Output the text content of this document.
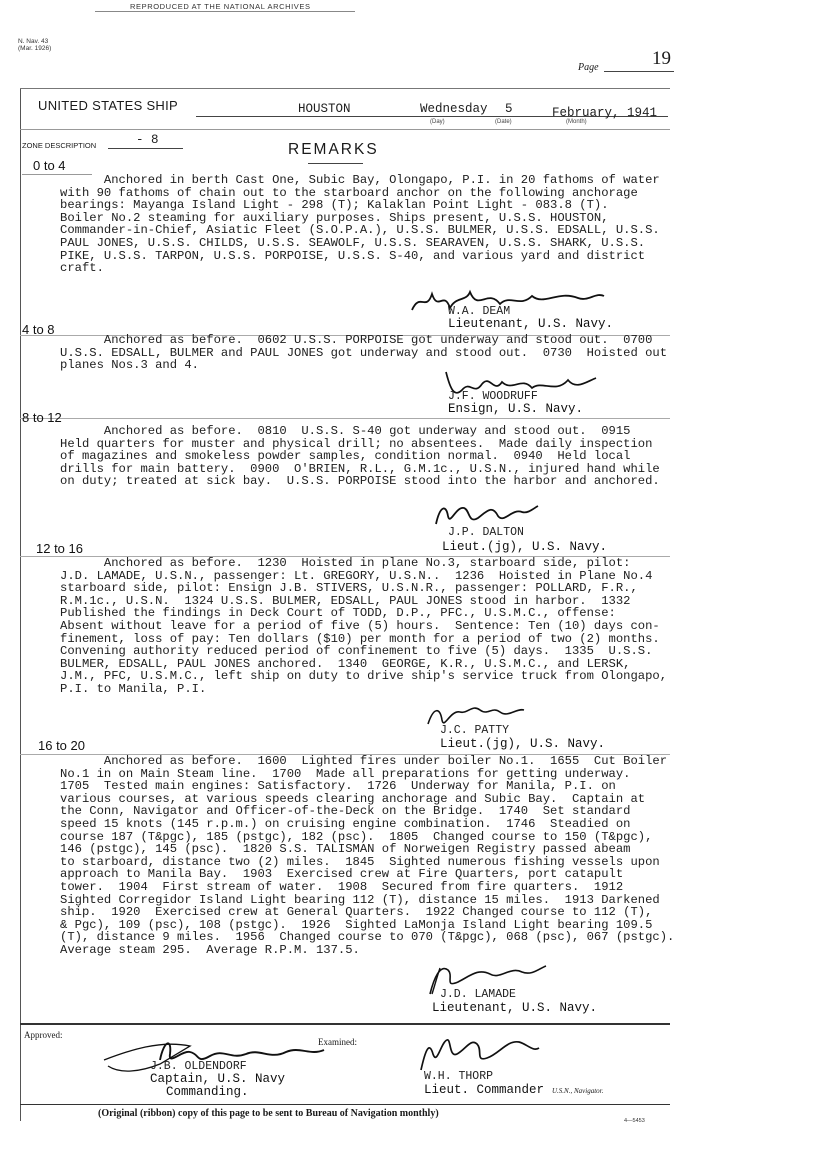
REPRODUCED AT THE NATIONAL ARCHIVES
N. Nav. 43
(Mar. 1926)
Page	19
UNITED STATES SHIP	HOUSTON	Wednesday
(Day)
5
(Date)
February, 1941
(Month)
ZONE DESCRIPTION	- 8
REMARKS
0 to 4
Anchored in berth Cast One, Subic Bay, Olongapo, P.I. in 20 fathoms of water
with 90 fathoms of chain out to the starboard anchor on the following anchorage
bearings: Mayanga Island Light - 298 (T); Kalaklan Point Light - 083.8 (T).
Boiler No.2 steaming for auxiliary purposes. Ships present, U.S.S. HOUSTON,
Commander-in-Chief, Asiatic Fleet (S.O.P.A.), U.S.S. BULMER, U.S.S. EDSALL, U.S.S.
PAUL JONES, U.S.S. CHILDS, U.S.S. SEAWOLF, U.S.S. SEARAVEN, U.S.S. SHARK, U.S.S.
PIKE, U.S.S. TARPON, U.S.S. PORPOISE, U.S.S. S-40, and various yard and district
craft.
W.A. DEAM
Lieutenant, U.S. Navy.
4 to 8
Anchored as before.  0602 U.S.S. PORPOISE got underway and stood out.  0700
U.S.S. EDSALL, BULMER and PAUL JONES got underway and stood out.  0730  Hoisted out
planes Nos.3 and 4.
J.F. WOODRUFF
Ensign, U.S. Navy.
8 to 12
Anchored as before.  0810  U.S.S. S-40 got underway and stood out.  0915
Held quarters for muster and physical drill; no absentees.  Made daily inspection
of magazines and smokeless powder samples, condition normal.  0940  Held local
drills for main battery.  0900  O'BRIEN, R.L., G.M.1c., U.S.N., injured hand while
on duty; treated at sick bay.  U.S.S. PORPOISE stood into the harbor and anchored.
J.P. DALTON
Lieut.(jg), U.S. Navy.
12 to 16
Anchored as before.  1230  Hoisted in plane No.3, starboard side, pilot:
J.D. LAMADE, U.S.N., passenger: Lt. GREGORY, U.S.N..  1236  Hoisted in Plane No.4
starboard side, pilot: Ensign J.B. STIVERS, U.S.N.R., passenger: POLLARD, F.R.,
R.M.1c., U.S.N.  1324 U.S.S. BULMER, EDSALL, PAUL JONES stood in harbor.  1332
Published the findings in Deck Court of TODD, D.P., PFC., U.S.M.C., offense:
Absent without leave for a period of five (5) hours.  Sentence: Ten (10) days con-
finement, loss of pay: Ten dollars ($10) per month for a period of two (2) months.
Convening authority reduced period of confinement to five (5) days.  1335  U.S.S.
BULMER, EDSALL, PAUL JONES anchored.  1340  GEORGE, K.R., U.S.M.C., and LERSK,
J.M., PFC, U.S.M.C., left ship on duty to drive ship's service truck from Olongapo,
P.I. to Manila, P.I.
J.C. PATTY
Lieut.(jg), U.S. Navy.
16 to 20
Anchored as before.  1600  Lighted fires under boiler No.1.  1655  Cut Boiler
No.1 in on Main Steam line.  1700  Made all preparations for getting underway.
1705  Tested main engines: Satisfactory.  1726  Underway for Manila, P.I. on
various courses, at various speeds clearing anchorage and Subic Bay.  Captain at
the Conn, Navigator and Officer-of-the-Deck on the Bridge.  1740  Set standard
speed 15 knots (145 r.p.m.) on cruising engine combination.  1746  Steadied on
course 187 (T&pgc), 185 (pstgc), 182 (psc).  1805  Changed course to 150 (T&pgc),
146 (pstgc), 145 (psc).  1820 S.S. TALISMAN of Norweigen Registry passed abeam
to starboard, distance two (2) miles.  1845  Sighted numerous fishing vessels upon
approach to Manila Bay.  1903  Exercised crew at Fire Quarters, port catapult
tower.  1904  First stream of water.  1908  Secured from fire quarters.  1912
Sighted Corregidor Island Light bearing 112 (T), distance 15 miles.  1913 Darkened
ship.  1920  Exercised crew at General Quarters.  1922 Changed course to 112 (T),
& Pgc), 109 (psc), 108 (pstgc).  1926  Sighted LaMonja Island Light bearing 109.5
(T), distance 9 miles.  1956  Changed course to 070 (T&pgc), 068 (psc), 067 (pstgc).
Average steam 295.  Average R.P.M. 137.5.
J.D. LAMADE
Lieutenant, U.S. Navy.
Approved:
Examined:
J.B. OLDENDORF
Captain, U.S. Navy
Commanding.
W.H. THORP
Lieut. Commander U.S.N., Navigator.
(Original (ribbon) copy of this page to be sent to Bureau of Navigation monthly)
4—5453
